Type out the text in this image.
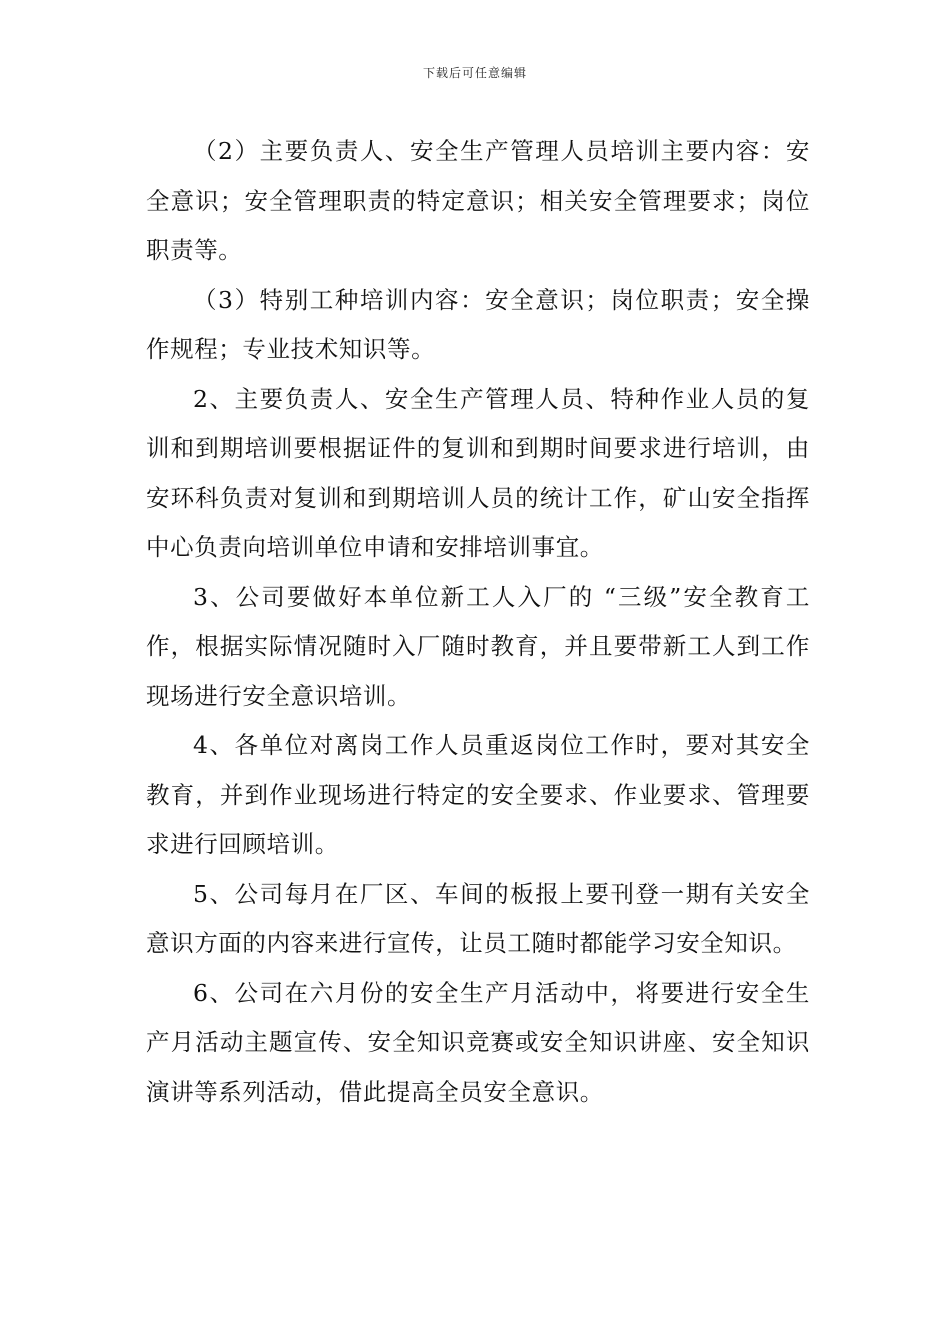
下载后可任意编辑

（2）主要负责人、安全生产管理人员培训主要内容：安全意识；安全管理职责的特定意识；相关安全管理要求；岗位职责等。

（3）特别工种培训内容：安全意识；岗位职责；安全操作规程；专业技术知识等。

2、主要负责人、安全生产管理人员、特种作业人员的复训和到期培训要根据证件的复训和到期时间要求进行培训，由安环科负责对复训和到期培训人员的统计工作，矿山安全指挥中心负责向培训单位申请和安排培训事宜。

3、公司要做好本单位新工人入厂的 “三级”安全教育工作，根据实际情况随时入厂随时教育，并且要带新工人到工作现场进行安全意识培训。

4、各单位对离岗工作人员重返岗位工作时，要对其安全教育，并到作业现场进行特定的安全要求、作业要求、管理要求进行回顾培训。

5、公司每月在厂区、车间的板报上要刊登一期有关安全意识方面的内容来进行宣传，让员工随时都能学习安全知识。

6、公司在六月份的安全生产月活动中，将要进行安全生产月活动主题宣传、安全知识竞赛或安全知识讲座、安全知识演讲等系列活动，借此提高全员安全意识。
